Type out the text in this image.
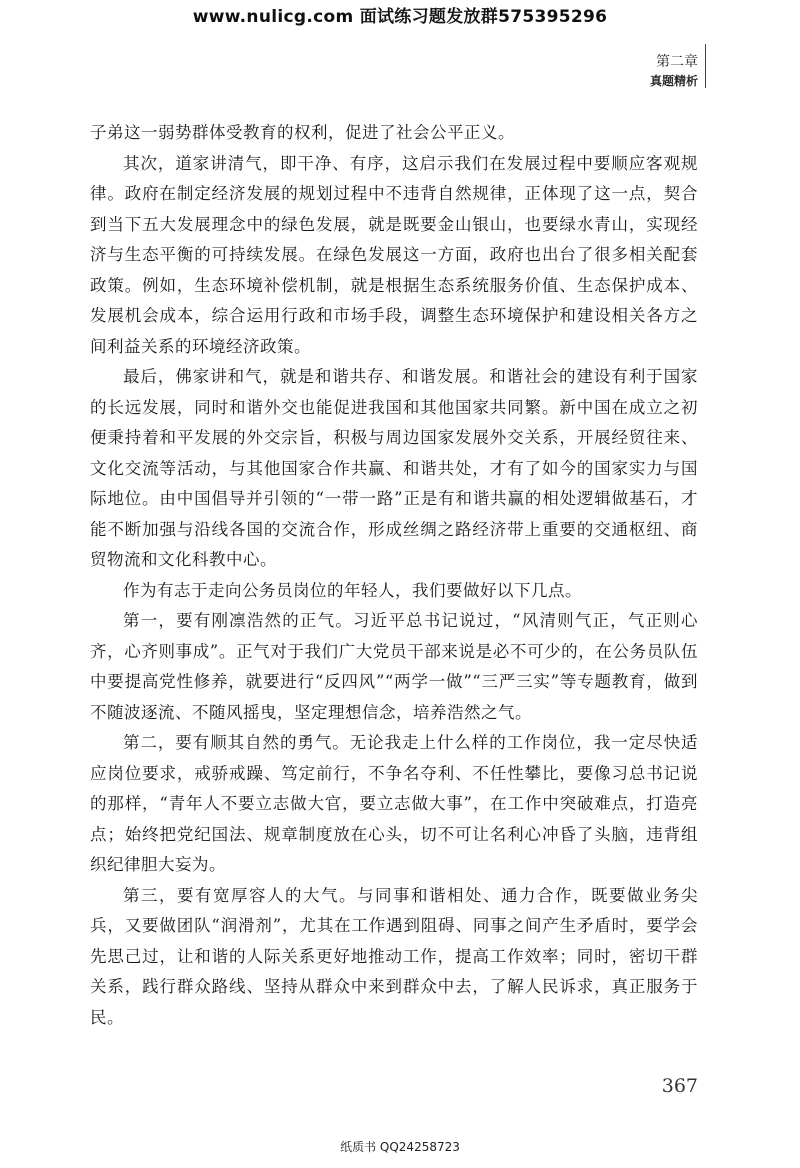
www.nulicg.com 面试练习题发放群575395296
第二章
真题精析

子弟这一弱势群体受教育的权利，促进了社会公平正义。

其次，道家讲清气，即干净、有序，这启示我们在发展过程中要顺应客观规律。政府在制定经济发展的规划过程中不违背自然规律，正体现了这一点，契合到当下五大发展理念中的绿色发展，就是既要金山银山，也要绿水青山，实现经济与生态平衡的可持续发展。在绿色发展这一方面，政府也出台了很多相关配套政策。例如，生态环境补偿机制，就是根据生态系统服务价值、生态保护成本、发展机会成本，综合运用行政和市场手段，调整生态环境保护和建设相关各方之间利益关系的环境经济政策。

最后，佛家讲和气，就是和谐共存、和谐发展。和谐社会的建设有利于国家的长远发展，同时和谐外交也能促进我国和其他国家共同繁。新中国在成立之初便秉持着和平发展的外交宗旨，积极与周边国家发展外交关系，开展经贸往来、文化交流等活动，与其他国家合作共赢、和谐共处，才有了如今的国家实力与国际地位。由中国倡导并引领的“一带一路”正是有和谐共赢的相处逻辑做基石，才能不断加强与沿线各国的交流合作，形成丝绸之路经济带上重要的交通枢纽、商贸物流和文化科教中心。

作为有志于走向公务员岗位的年轻人，我们要做好以下几点。

第一，要有刚凛浩然的正气。习近平总书记说过，“风清则气正，气正则心齐，心齐则事成”。正气对于我们广大党员干部来说是必不可少的，在公务员队伍中要提高党性修养，就要进行“反四风”“两学一做”“三严三实”等专题教育，做到不随波逐流、不随风摇曳，坚定理想信念，培养浩然之气。

第二，要有顺其自然的勇气。无论我走上什么样的工作岗位，我一定尽快适应岗位要求，戒骄戒躁、笃定前行，不争名夺利、不任性攀比，要像习总书记说的那样，“青年人不要立志做大官，要立志做大事”，在工作中突破难点，打造亮点；始终把党纪国法、规章制度放在心头，切不可让名利心冲昏了头脑，违背组织纪律胆大妄为。

第三，要有宽厚容人的大气。与同事和谐相处、通力合作，既要做业务尖兵，又要做团队“润滑剂”，尤其在工作遇到阻碍、同事之间产生矛盾时，要学会先思己过，让和谐的人际关系更好地推动工作，提高工作效率；同时，密切干群关系，践行群众路线、坚持从群众中来到群众中去，了解人民诉求，真正服务于民。

367
纸质书 QQ24258723
